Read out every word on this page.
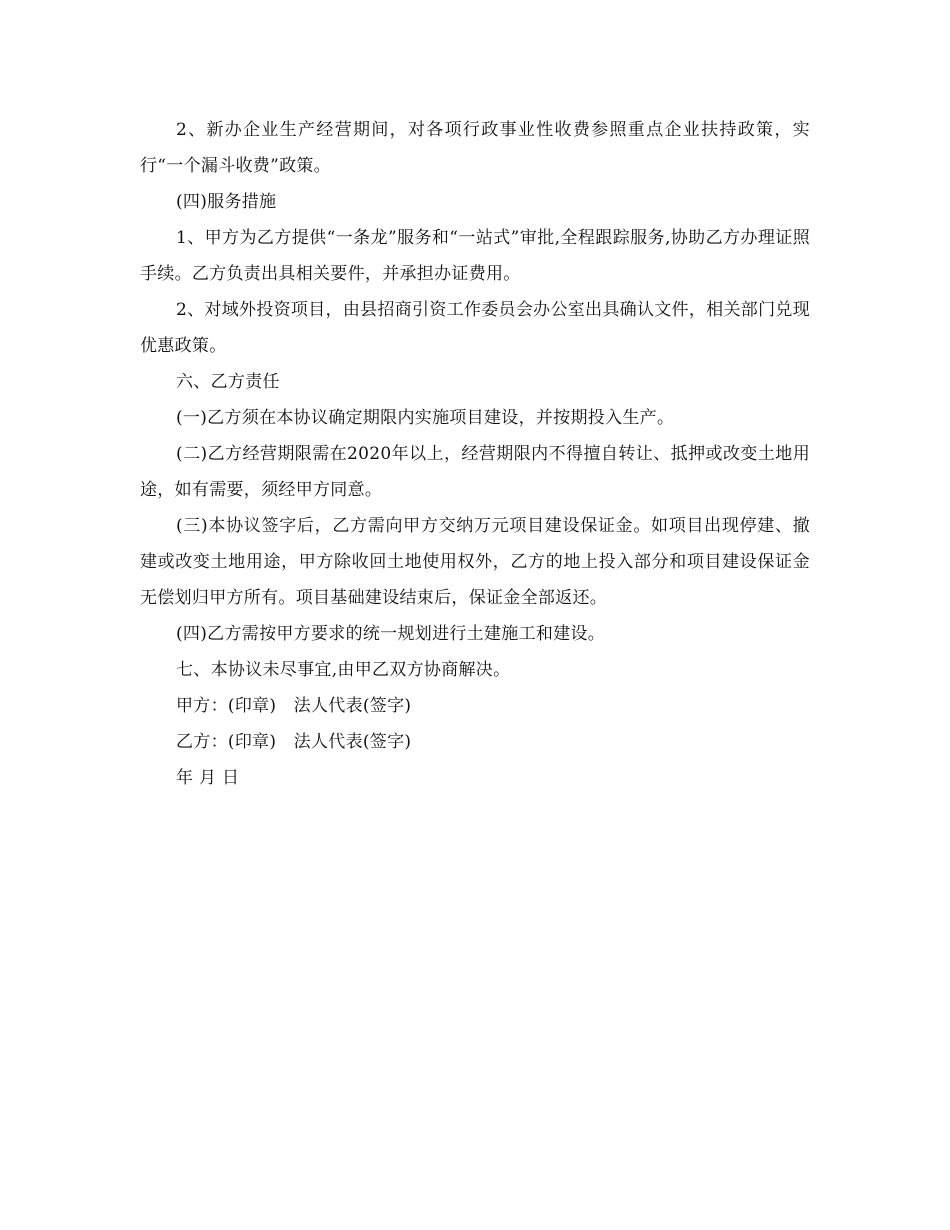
2、新办企业生产经营期间，对各项行政事业性收费参照重点企业扶持政策，实行“一个漏斗收费”政策。

(四)服务措施

1、甲方为乙方提供“一条龙”服务和“一站式”审批,全程跟踪服务,协助乙方办理证照手续。乙方负责出具相关要件，并承担办证费用。

2、对域外投资项目，由县招商引资工作委员会办公室出具确认文件，相关部门兑现优惠政策。

六、乙方责任

(一)乙方须在本协议确定期限内实施项目建设，并按期投入生产。

(二)乙方经营期限需在2020年以上，经营期限内不得擅自转让、抵押或改变土地用途，如有需要，须经甲方同意。

(三)本协议签字后，乙方需向甲方交纳万元项目建设保证金。如项目出现停建、撤建或改变土地用途，甲方除收回土地使用权外，乙方的地上投入部分和项目建设保证金无偿划归甲方所有。项目基础建设结束后，保证金全部返还。

(四)乙方需按甲方要求的统一规划进行土建施工和建设。

七、本协议未尽事宜,由甲乙双方协商解决。

甲方：(印章)　法人代表(签字)

乙方：(印章)　法人代表(签字)

年 月 日
